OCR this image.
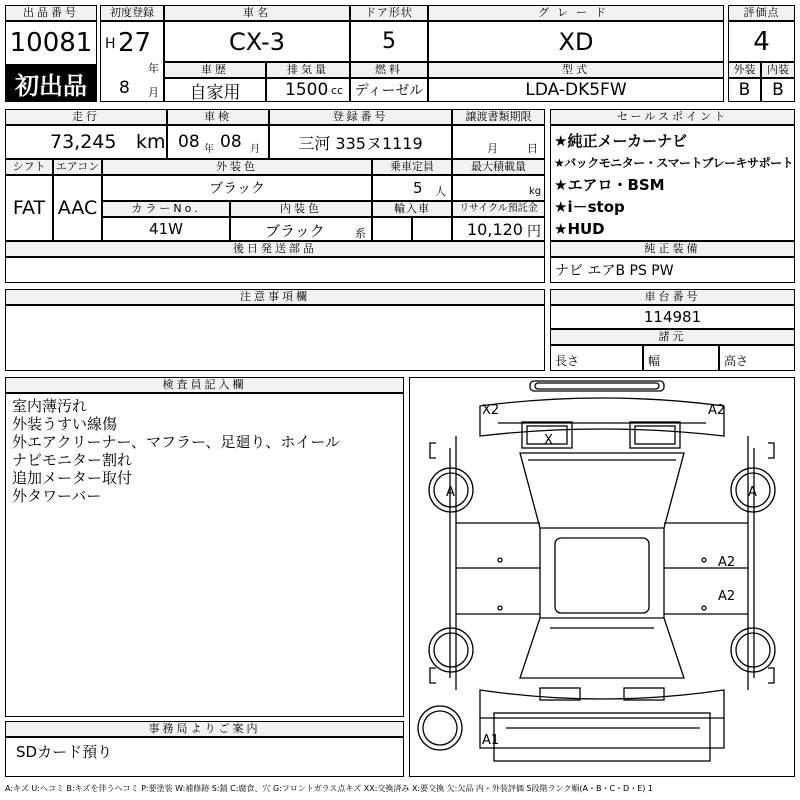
出品番号
10081
初出品
初度登録
H 27
年
8 月
車名
CX-3
ドア形状
5
グレード
XD
評価点
4
車歴
自家用
排気量
1500 cc
燃料
ディーゼル
型式
LDA-DK5FW
外装	内装
B	B
走行
73,245 km
車検
08 年 08 月
登録番号
三河 335ヌ1119
譲渡書類期限
月	日
シフト
FAT
エアコン
AAC
外装色
ブラック
乗車定員
5 人
最大積載量
kg
カラーNo.
41W
内装色
ブラック	系
輸入車	リサイクル預託金
10,120 円
後日発送部品
セールスポイント
★純正メーカーナビ
★バックモニター・スマートブレーキサポート
★エアロ・BSM
★i－stop
★HUD
純正装備
ナビ エアB PS PW
注意事項欄	車台番号
114981
諸元
長さ	幅	高さ
検査員記入欄
室内薄汚れ
外装うすい線傷
外エアクリーナー、マフラー、足廻り、ホイール
ナビモニター割れ
追加メーター取付
外タワーバー
事務局よりご案内
SDカード預り
X2	A2
X
A	A
A2
A2
A1
A:キズ U:ヘコミ B:キズを伴うヘコミ P:要塗装 W:補修跡 S:錆 C:腐食、穴 G:フロントガラス点キズ XX:交換済み X:要交換 欠:欠品 内・外装評価 5段階ランク順(A・B・C・D・E) 1
